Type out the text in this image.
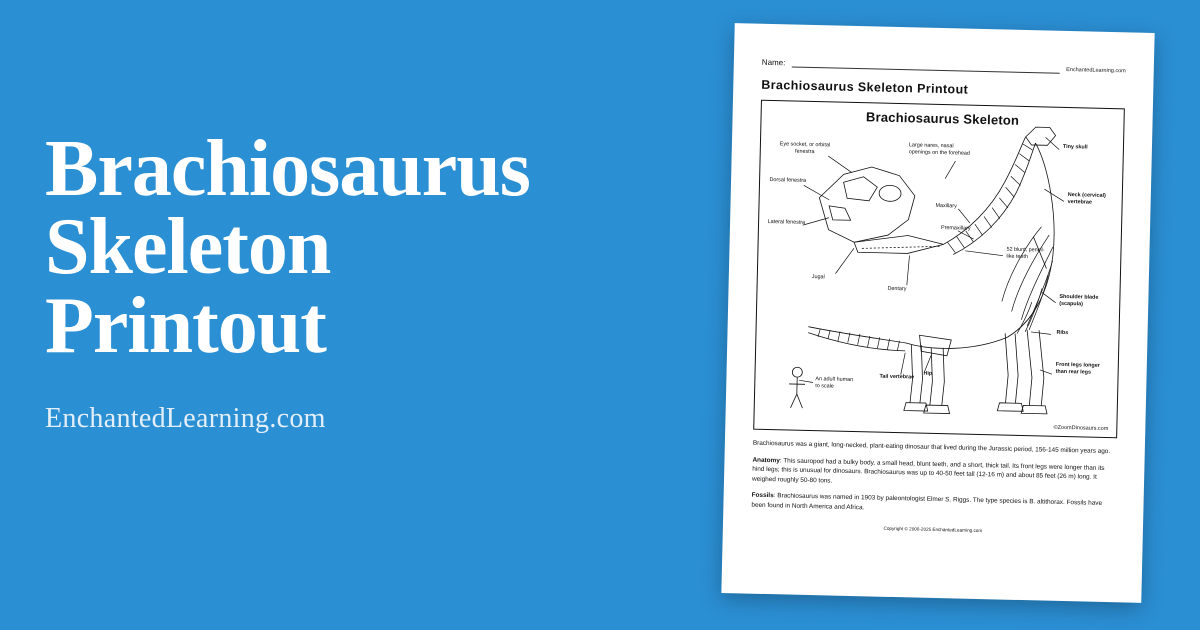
Brachiosaurus
Skeleton
Printout
EnchantedLearning.com
Name:
EnchantedLearning.com
Brachiosaurus Skeleton Printout
Brachiosaurus Skeleton
Eye socket, or orbital fenestra
Dorsal fenestra
Lateral fenestra
Jugal
Dentary
Large nares, nasal openings on the forehead
Maxillary
Premaxillary
52 blunt, pencil-like teeth
Tiny skull
Neck (cervical) vertebrae
Shoulder blade (scapula)
Ribs
Front legs longer than rear legs
Hip
Tail vertebrae
An adult human to scale
©ZoomDinosaurs.com

Brachiosaurus was a giant, long-necked, plant-eating dinosaur that lived during the Jurassic period, 156-145 million years ago.

Anatomy: This sauropod had a bulky body, a small head, blunt teeth, and a short, thick tail. Its front legs were longer than its hind legs; this is unusual for dinosaurs. Brachiosaurus was up to 40-50 feet tall (12-16 m) and about 85 feet (26 m) long. It weighed roughly 50-80 tons.

Fossils: Brachiosaurus was named in 1903 by paleontologist Elmer S. Riggs. The type species is B. altithorax. Fossils have been found in North America and Africa.

Copyright © 2000-2025 EnchantedLearning.com
